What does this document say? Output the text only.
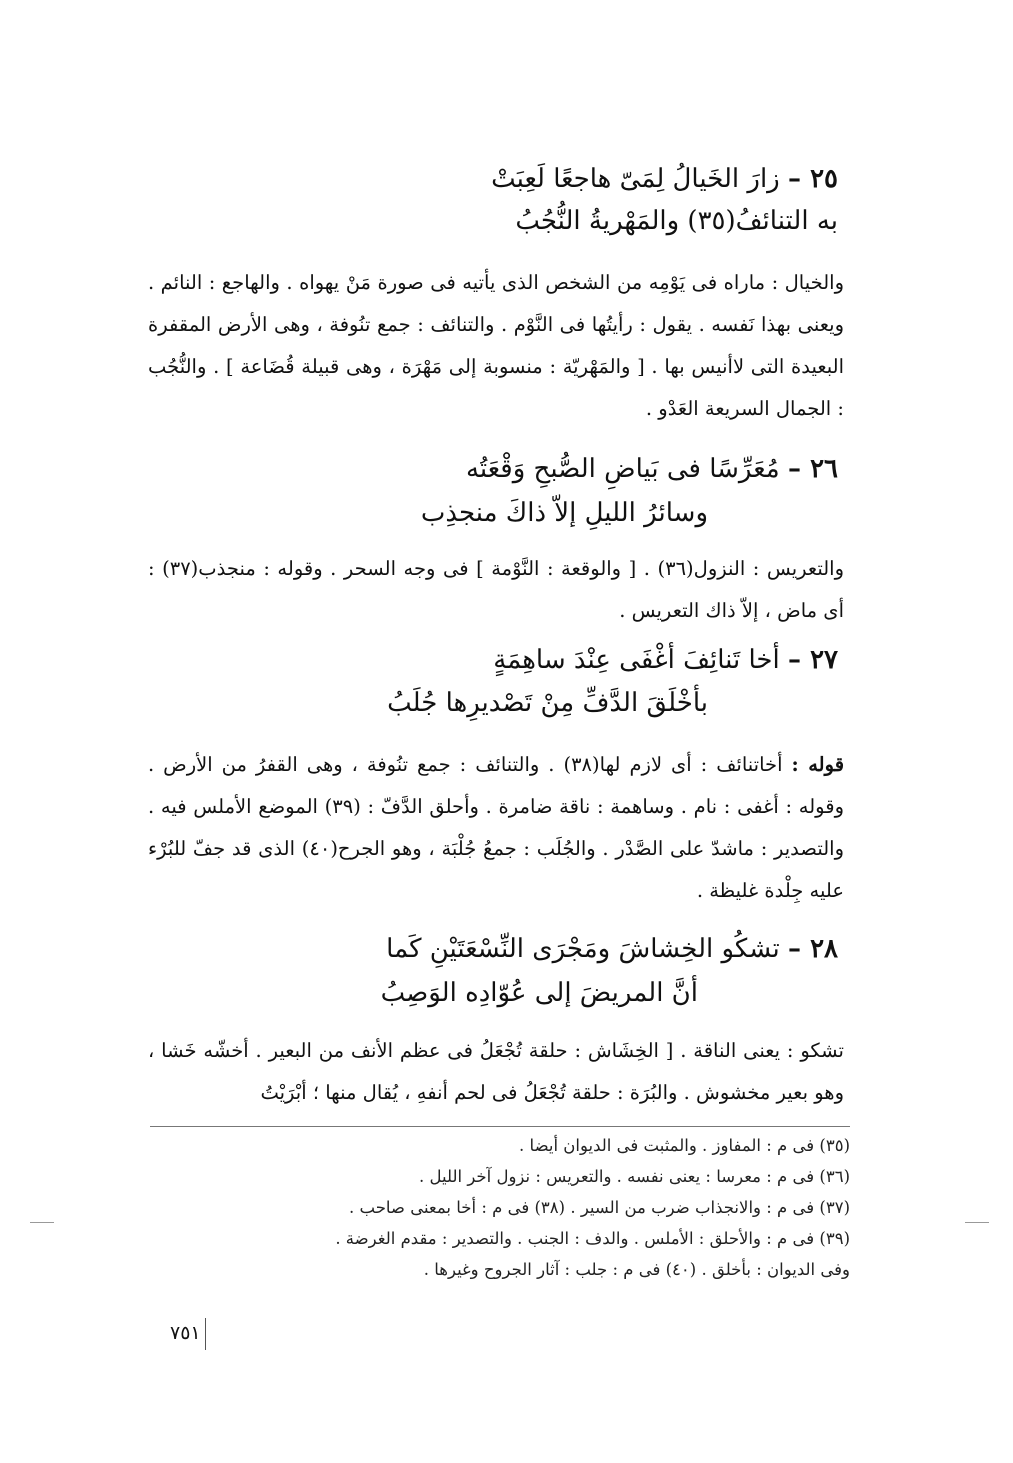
٢٥ – زارَ الخَيالُ لِمَىّ هاجعًا لَعِبَتْ
به التنائفُ(٣٥) والمَهْريةُ النُّجُبُ
والخيال : ماراه فى يَوْمِه من الشخص الذى يأتيه فى صورة مَنْ يهواه . والهاجع : النائم . ويعنى بهذا نَفسه . يقول : رأيتُها فى النَّوْم . والتنائف : جمع تنُوفة ، وهى الأرض المقفرة البعيدة التى لاأنيس بها . [ والمَهْريّة : منسوبة إلى مَهْرَة ، وهى قبيلة قُضَاعة ] . والنُّجُب : الجمال السريعة العَدْو .
٢٦ – مُعَرِّسًا فى بَياضِ الصُّبحِ وَقْعَتُه
وسائرُ الليلِ إلاّ ذاكَ منجذِب
والتعريس : النزول(٣٦) . [ والوقعة : النَّوْمة ] فى وجه السحر . وقوله : منجذب(٣٧) : أى ماض ، إلاّ ذاك التعريس .
٢٧ – أخا تَنائِفَ أغْفَى عِنْدَ ساهِمَةٍ
بأخْلَقَ الدَّفِّ مِنْ تَصْديرِها جُلَبُ
قوله : أخاتنائف : أى لازم لها(٣٨) . والتنائف : جمع تنُوفة ، وهى القفرُ من الأرض . وقوله : أغفى : نام . وساهمة : ناقة ضامرة . وأحلق الدَّفّ : (٣٩) الموضع الأملس فيه . والتصدير : ماشدّ على الصَّدْر . والجُلَب : جمعُ جُلْبَة ، وهو الجرح(٤٠) الذى قد جفّ للبُرْء عليه جِلْدة غليظة .
٢٨ – تشكُو الخِشاشَ ومَجْرَى النِّسْعَتَيْنِ كَما
أنَّ المريضَ إلى عُوّادِه الوَصِبُ
تشكو : يعنى الناقة . [ الخِشَاش : حلقة تُجْعَلُ فى عظم الأنف من البعير . أخشّه خَشا ، وهو بعير مخشوش . والبُرَة : حلقة تُجْعَلُ فى لحم أنفهِ ، يُقال منها ؛ أبْرَيْتُ
(٣٥) فى م : المفاوز . والمثبت فى الديوان أيضا .
(٣٦) فى م : معرسا : يعنى نفسه . والتعريس : نزول آخر الليل .
(٣٧) فى م : والانجذاب ضرب من السير . (٣٨) فى م : أخا بمعنى صاحب .
(٣٩) فى م : والأحلق : الأملس . والدف : الجنب . والتصدير : مقدم الغرضة .
وفى الديوان : بأخلق . (٤٠) فى م : جلب : آثار الجروح وغيرها .
٧٥١
